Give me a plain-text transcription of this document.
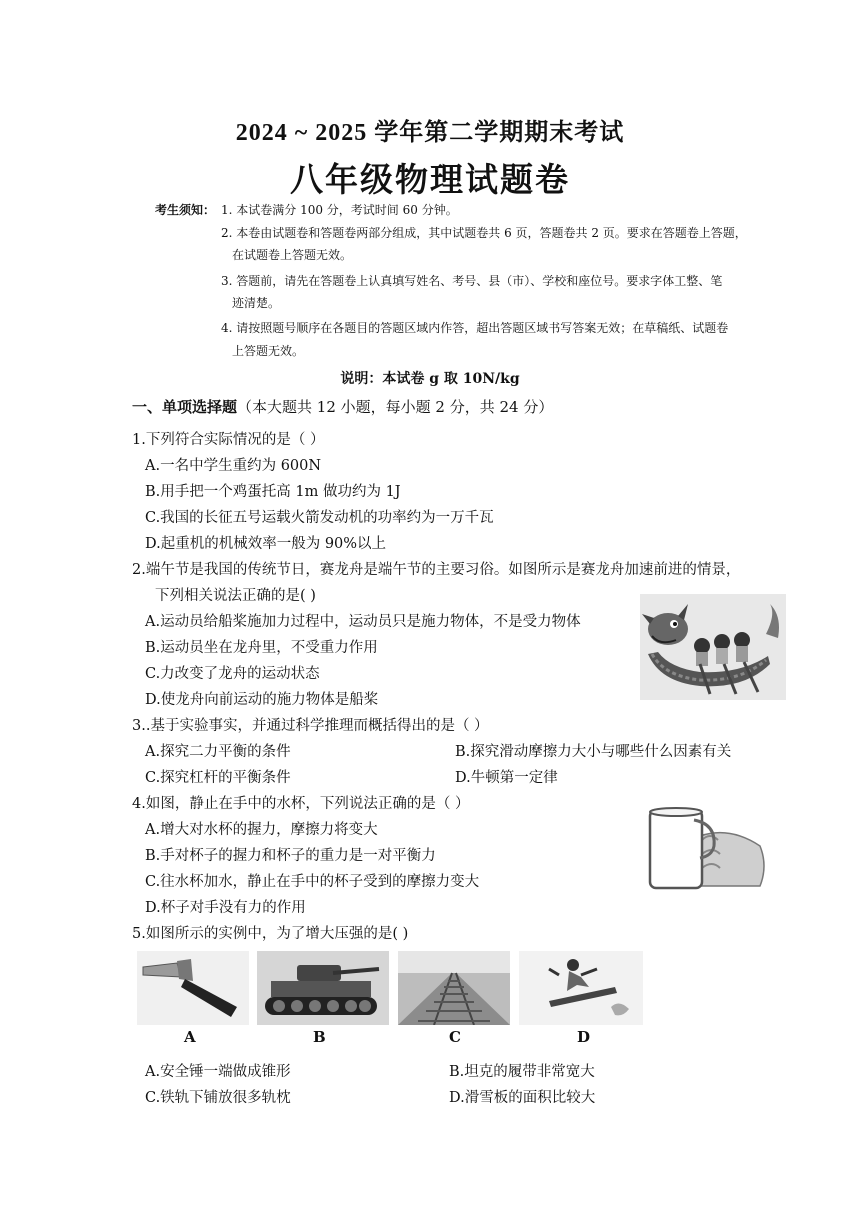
2024 ~ 2025 学年第二学期期末考试
八年级物理试题卷
考生须知： 1. 本试卷满分 100 分，考试时间 60 分钟。
2. 本卷由试题卷和答题卷两部分组成，其中试题卷共 6 页，答题卷共 2 页。要求在答题卷上答题，
在试题卷上答题无效。
3. 答题前，请先在答题卷上认真填写姓名、考号、县（市）、学校和座位号。要求字体工整、笔
迹清楚。
4. 请按照题号顺序在各题目的答题区域内作答，超出答题区域书写答案无效；在草稿纸、试题卷
上答题无效。
说明：本试卷 g 取 10N/kg
一、单项选择题（本大题共 12 小题，每小题 2 分，共 24 分）
1.下列符合实际情况的是（ ）
A.一名中学生重约为 600N
B.用手把一个鸡蛋托高 1m 做功约为 1J
C.我国的长征五号运载火箭发动机的功率约为一万千瓦
D.起重机的机械效率一般为 90%以上
2.端午节是我国的传统节日，赛龙舟是端午节的主要习俗。如图所示是赛龙舟加速前进的情景，
下列相关说法正确的是( )
A.运动员给船桨施加力过程中，运动员只是施力物体，不是受力物体
B.运动员坐在龙舟里，不受重力作用
C.力改变了龙舟的运动状态
D.使龙舟向前运动的施力物体是船桨
3..基于实验事实，并通过科学推理而概括得出的是（ ）
A.探究二力平衡的条件	B.探究滑动摩擦力大小与哪些什么因素有关
C.探究杠杆的平衡条件	D.牛顿第一定律
4.如图，静止在手中的水杯，下列说法正确的是（ ）
A.增大对水杯的握力，摩擦力将变大
B.手对杯子的握力和杯子的重力是一对平衡力
C.往水杯加水，静止在手中的杯子受到的摩擦力变大
D.杯子对手没有力的作用
5.如图所示的实例中，为了增大压强的是( )
A	B	C	D
A.安全锤一端做成锥形	B.坦克的履带非常宽大
C.铁轨下铺放很多轨枕	D.滑雪板的面积比较大
